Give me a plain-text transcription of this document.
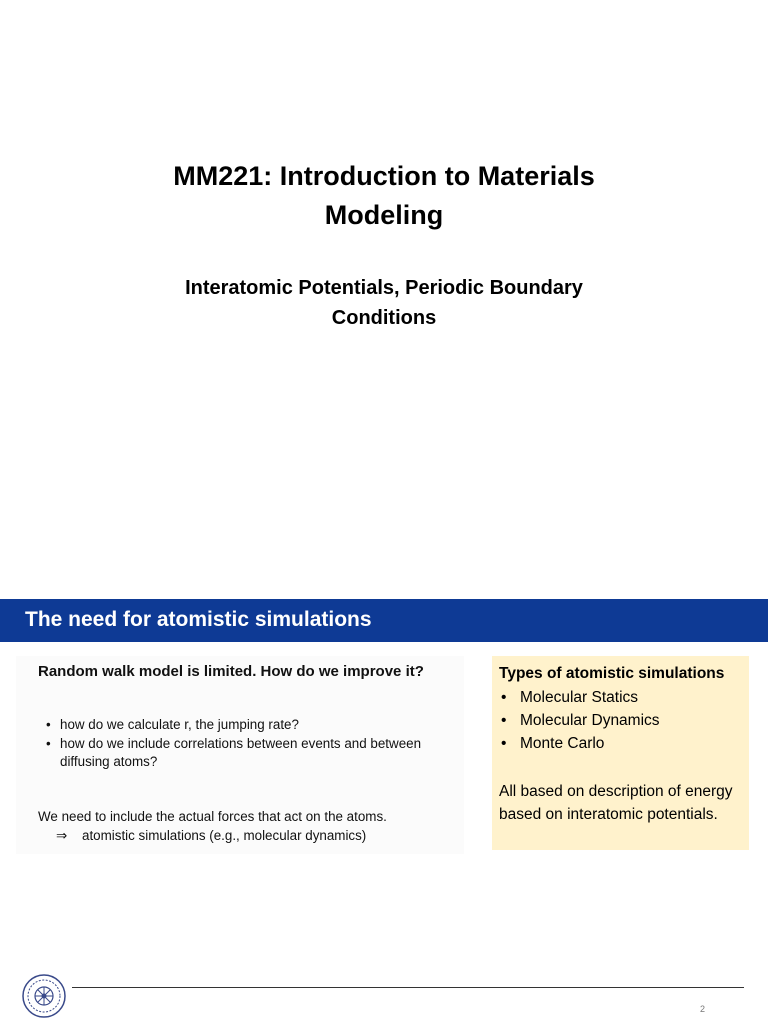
MM221: Introduction to Materials
Modeling
Interatomic Potentials, Periodic Boundary
Conditions
The need for atomistic simulations
Random walk model is limited. How do we improve it?
• how do we calculate r, the jumping rate?
• how do we include correlations between events and between diffusing atoms?
We need to include the actual forces that act on the atoms.
⇒ atomistic simulations (e.g., molecular dynamics)
Types of atomistic simulations
• Molecular Statics
• Molecular Dynamics
• Monte Carlo
All based on description of energy based on interatomic potentials.
2
